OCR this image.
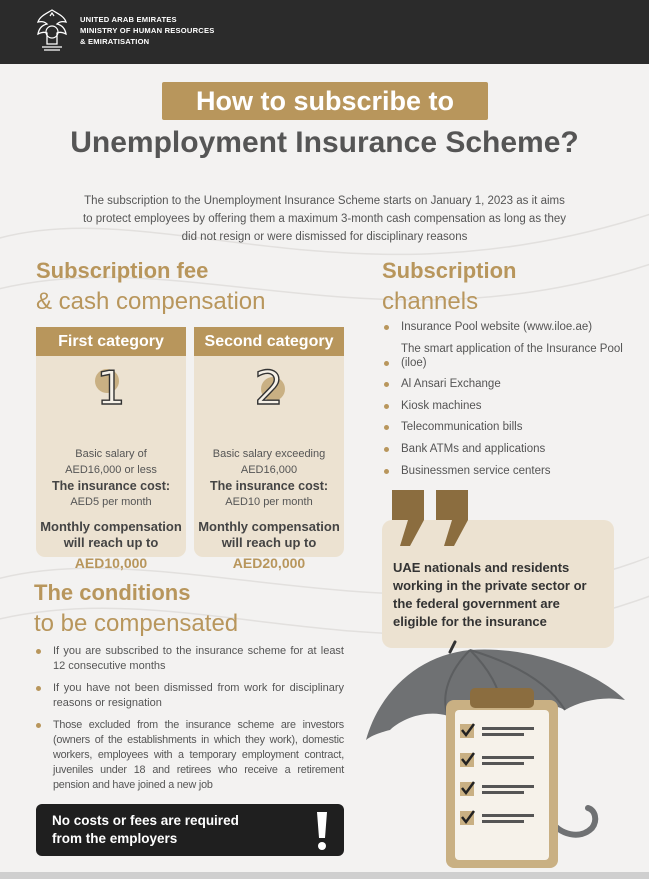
UNITED ARAB EMIRATES
MINISTRY OF HUMAN RESOURCES
& EMIRATISATION
How to subscribe to
Unemployment Insurance Scheme?
The subscription to the Unemployment Insurance Scheme starts on January 1, 2023 as it aims to protect employees by offering them a maximum 3-month cash compensation as long as they did not resign or were dismissed for disciplinary reasons
Subscription fee
& cash compensation
First category
1
Basic salary of
AED16,000 or less
The insurance cost:
AED5 per month
Monthly compensation
will reach up to
AED10,000
Second category
2
Basic salary exceeding
AED16,000
The insurance cost:
AED10 per month
Monthly compensation
will reach up to
AED20,000
Subscription
channels
Insurance Pool website (www.iloe.ae)
The smart application of the Insurance Pool (iloe)
Al Ansari Exchange
Kiosk machines
Telecommunication bills
Bank ATMs and applications
Businessmen service centers
UAE nationals and residents working in the private sector or the federal government are eligible for the insurance
The conditions
to be compensated
If you are subscribed to the insurance scheme for at least 12 consecutive months
If you have not been dismissed from work for disciplinary reasons or resignation
Those excluded from the insurance scheme are investors (owners of the establishments in which they work), domestic workers, employees with a temporary employment contract, juveniles under 18 and retirees who receive a retirement pension and have joined a new job
No costs or fees are required
from the employers
